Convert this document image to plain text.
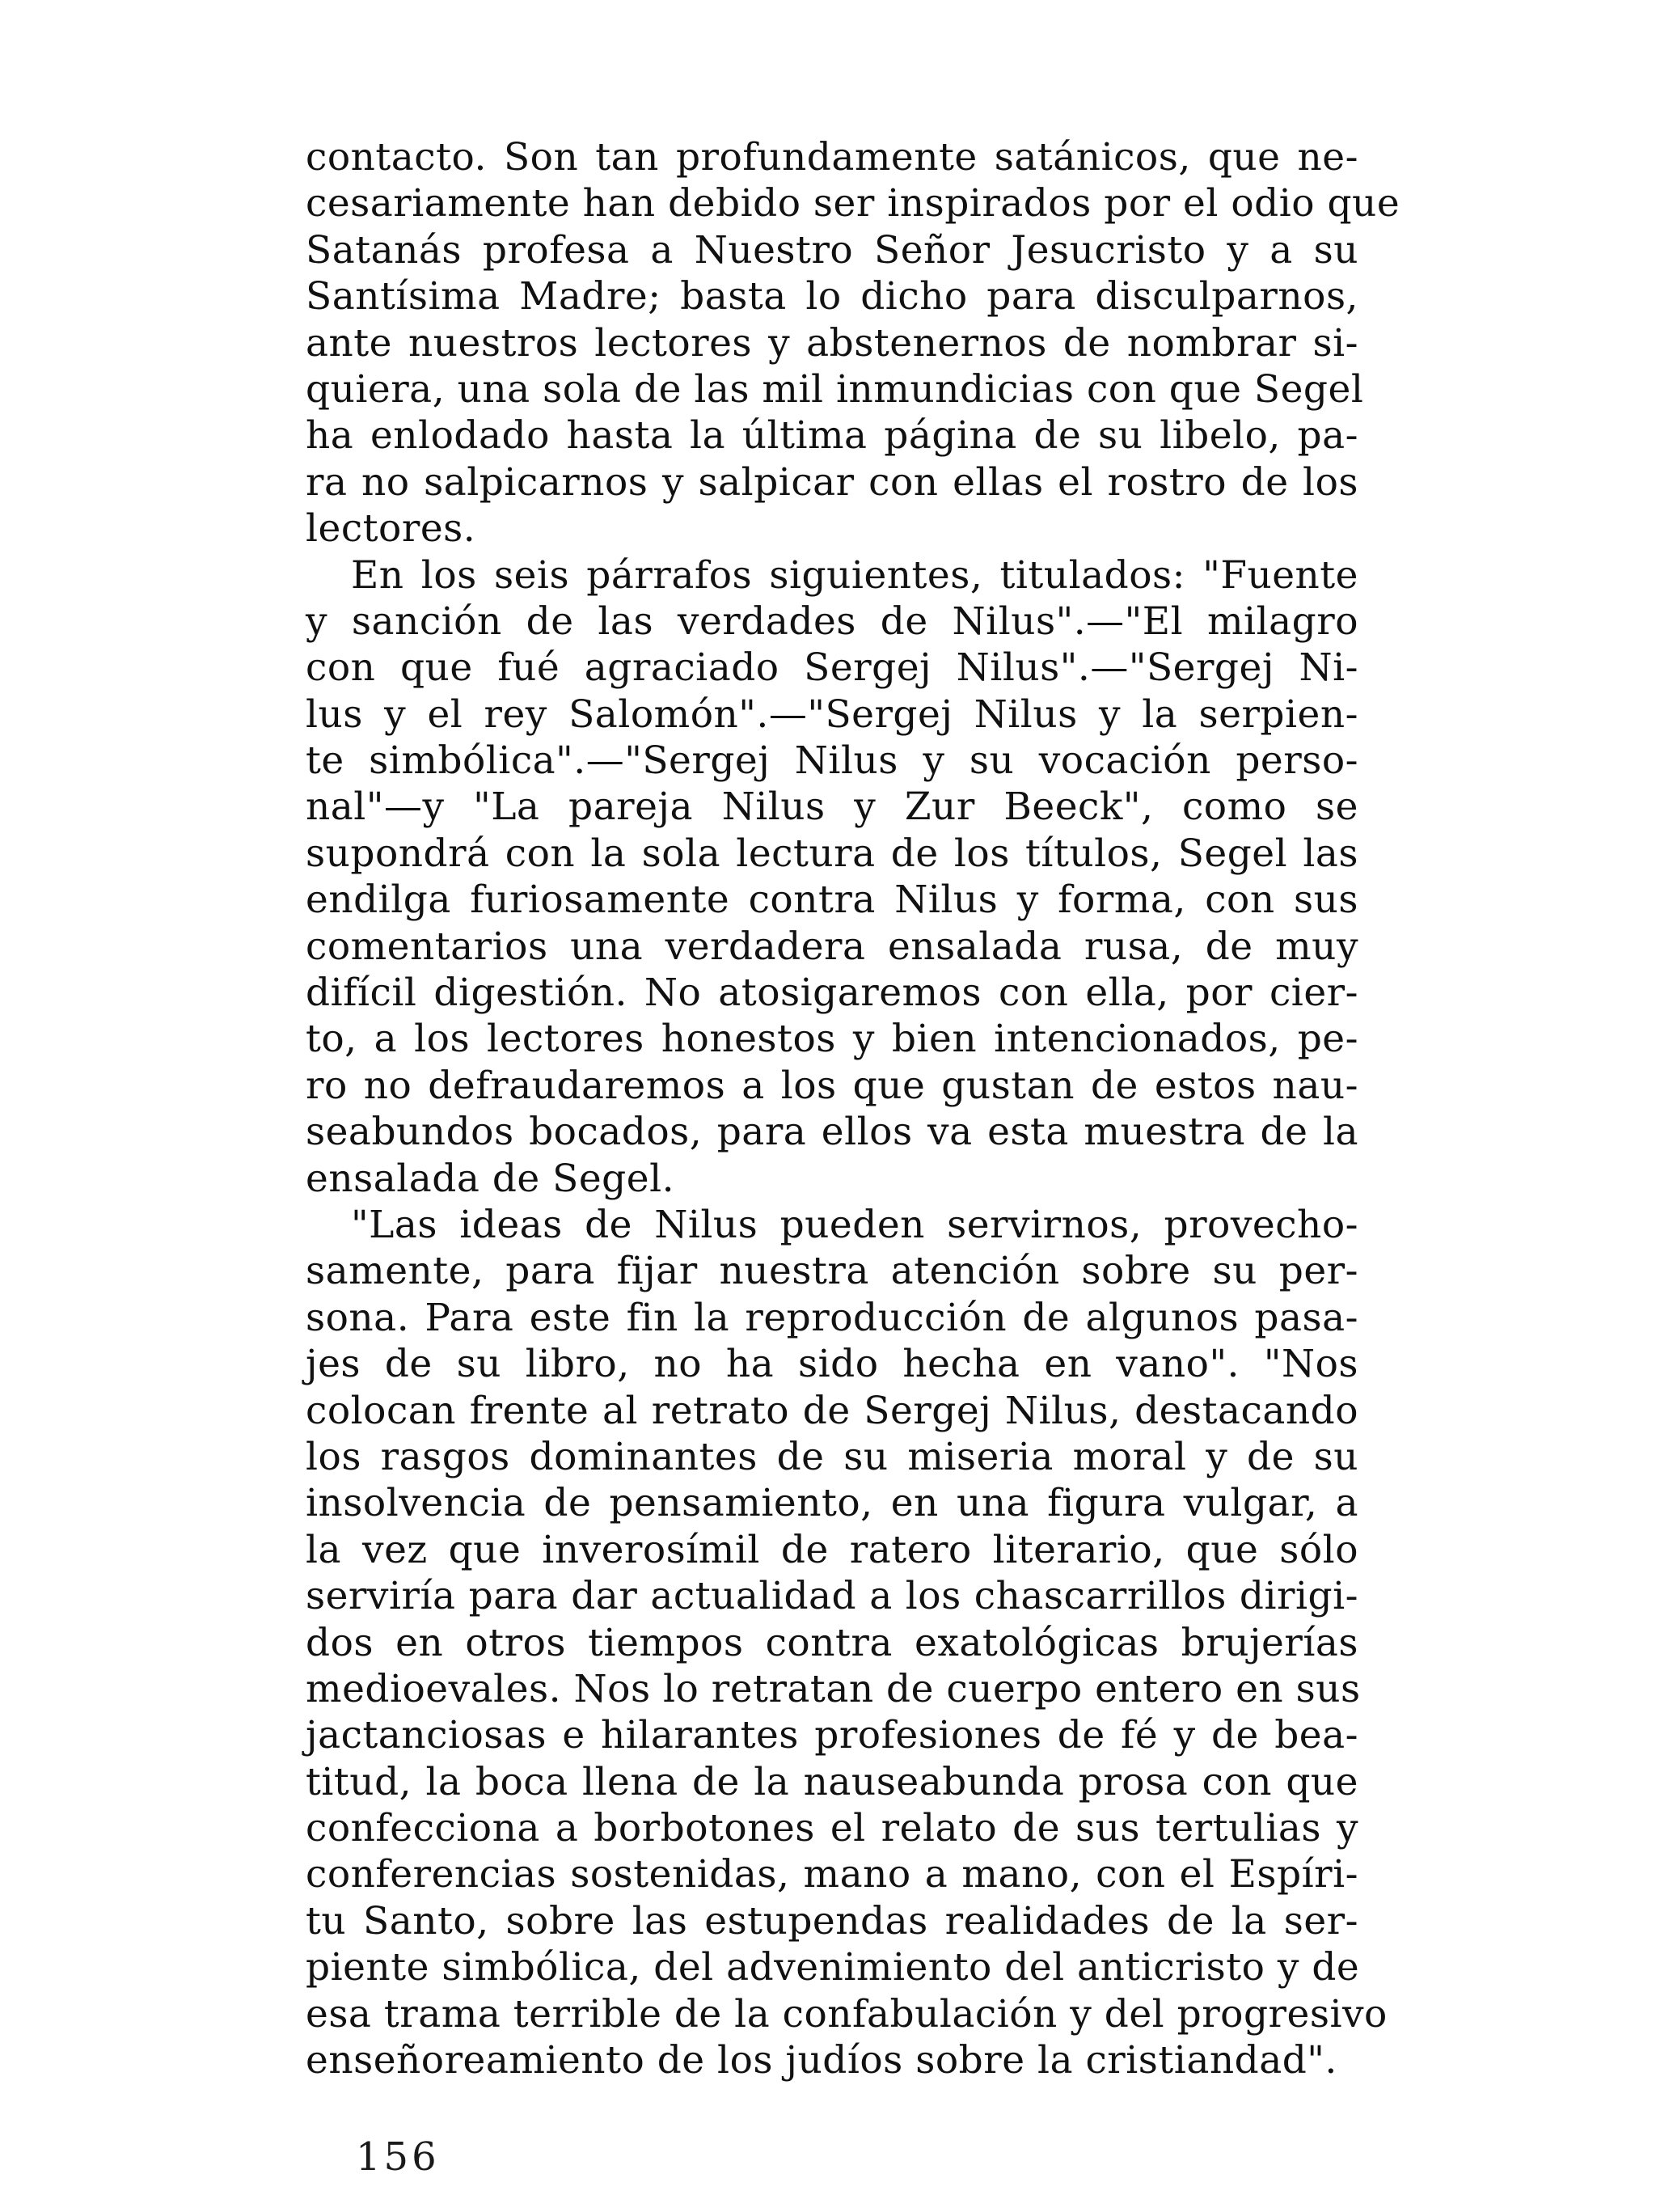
contacto. Son tan profundamente satánicos, que ne-
cesariamente han debido ser inspirados por el odio que
Satanás profesa a Nuestro Señor Jesucristo y a su
Santísima Madre; basta lo dicho para disculparnos,
ante nuestros lectores y abstenernos de nombrar si-
quiera, una sola de las mil inmundicias con que Segel
ha enlodado hasta la última página de su libelo, pa-
ra no salpicarnos y salpicar con ellas el rostro de los
lectores.
En los seis párrafos siguientes, titulados: "Fuente
y sanción de las verdades de Nilus".—"El milagro
con que fué agraciado Sergej Nilus".—"Sergej Ni-
lus y el rey Salomón".—"Sergej Nilus y la serpien-
te simbólica".—"Sergej Nilus y su vocación perso-
nal"—y "La pareja Nilus y Zur Beeck", como se
supondrá con la sola lectura de los títulos, Segel las
endilga furiosamente contra Nilus y forma, con sus
comentarios una verdadera ensalada rusa, de muy
difícil digestión. No atosigaremos con ella, por cier-
to, a los lectores honestos y bien intencionados, pe-
ro no defraudaremos a los que gustan de estos nau-
seabundos bocados, para ellos va esta muestra de la
ensalada de Segel.
"Las ideas de Nilus pueden servirnos, provecho-
samente, para fijar nuestra atención sobre su per-
sona. Para este fin la reproducción de algunos pasa-
jes de su libro, no ha sido hecha en vano". "Nos
colocan frente al retrato de Sergej Nilus, destacando
los rasgos dominantes de su miseria moral y de su
insolvencia de pensamiento, en una figura vulgar, a
la vez que inverosímil de ratero literario, que sólo
serviría para dar actualidad a los chascarrillos dirigi-
dos en otros tiempos contra exatológicas brujerías
medioevales. Nos lo retratan de cuerpo entero en sus
jactanciosas e hilarantes profesiones de fé y de bea-
titud, la boca llena de la nauseabunda prosa con que
confecciona a borbotones el relato de sus tertulias y
conferencias sostenidas, mano a mano, con el Espíri-
tu Santo, sobre las estupendas realidades de la ser-
piente simbólica, del advenimiento del anticristo y de
esa trama terrible de la confabulación y del progresivo
enseñoreamiento de los judíos sobre la cristiandad".
156
